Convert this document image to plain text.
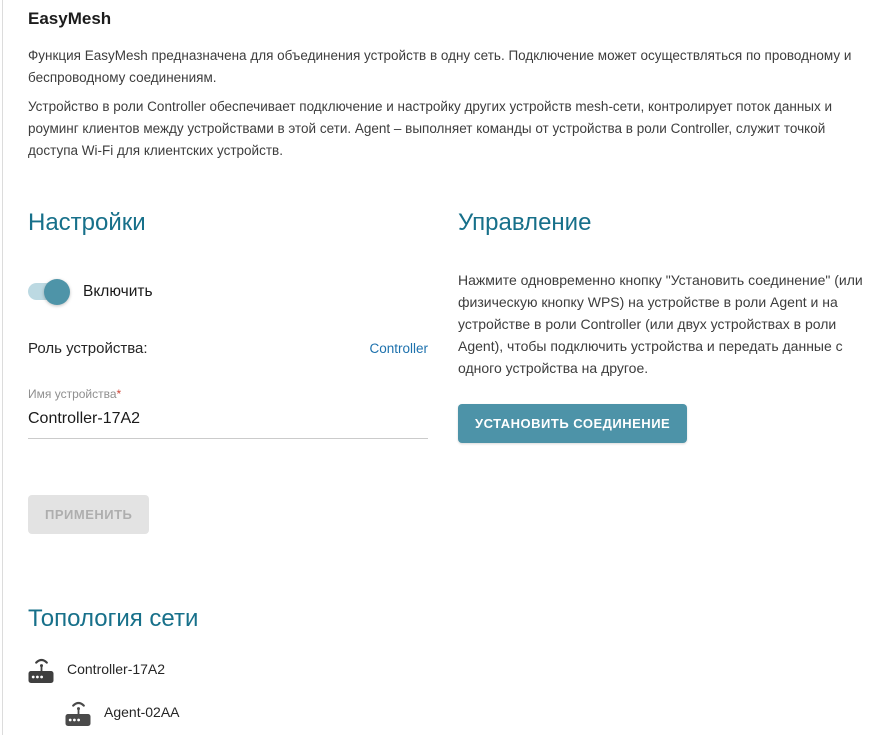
EasyMesh

Функция EasyMesh предназначена для объединения устройств в одну сеть. Подключение может осуществляться по проводному и беспроводному соединениям.

Устройство в роли Controller обеспечивает подключение и настройку других устройств mesh-сети, контролирует поток данных и роуминг клиентов между устройствами в этой сети. Agent – выполняет команды от устройства в роли Controller, служит точкой доступа Wi-Fi для клиентских устройств.

Настройки
Включить
Роль устройства:	Controller
Имя устройства*
Controller-17A2
ПРИМЕНИТЬ
Управление

Нажмите одновременно кнопку "Установить соединение" (или физическую кнопку WPS) на устройстве в роли Agent и на устройстве в роли Controller (или двух устройствах в роли Agent), чтобы подключить устройства и передать данные с одного устройства на другое.

УСТАНОВИТЬ СОЕДИНЕНИЕ
Топология сети
Controller-17A2
Agent-02AA
